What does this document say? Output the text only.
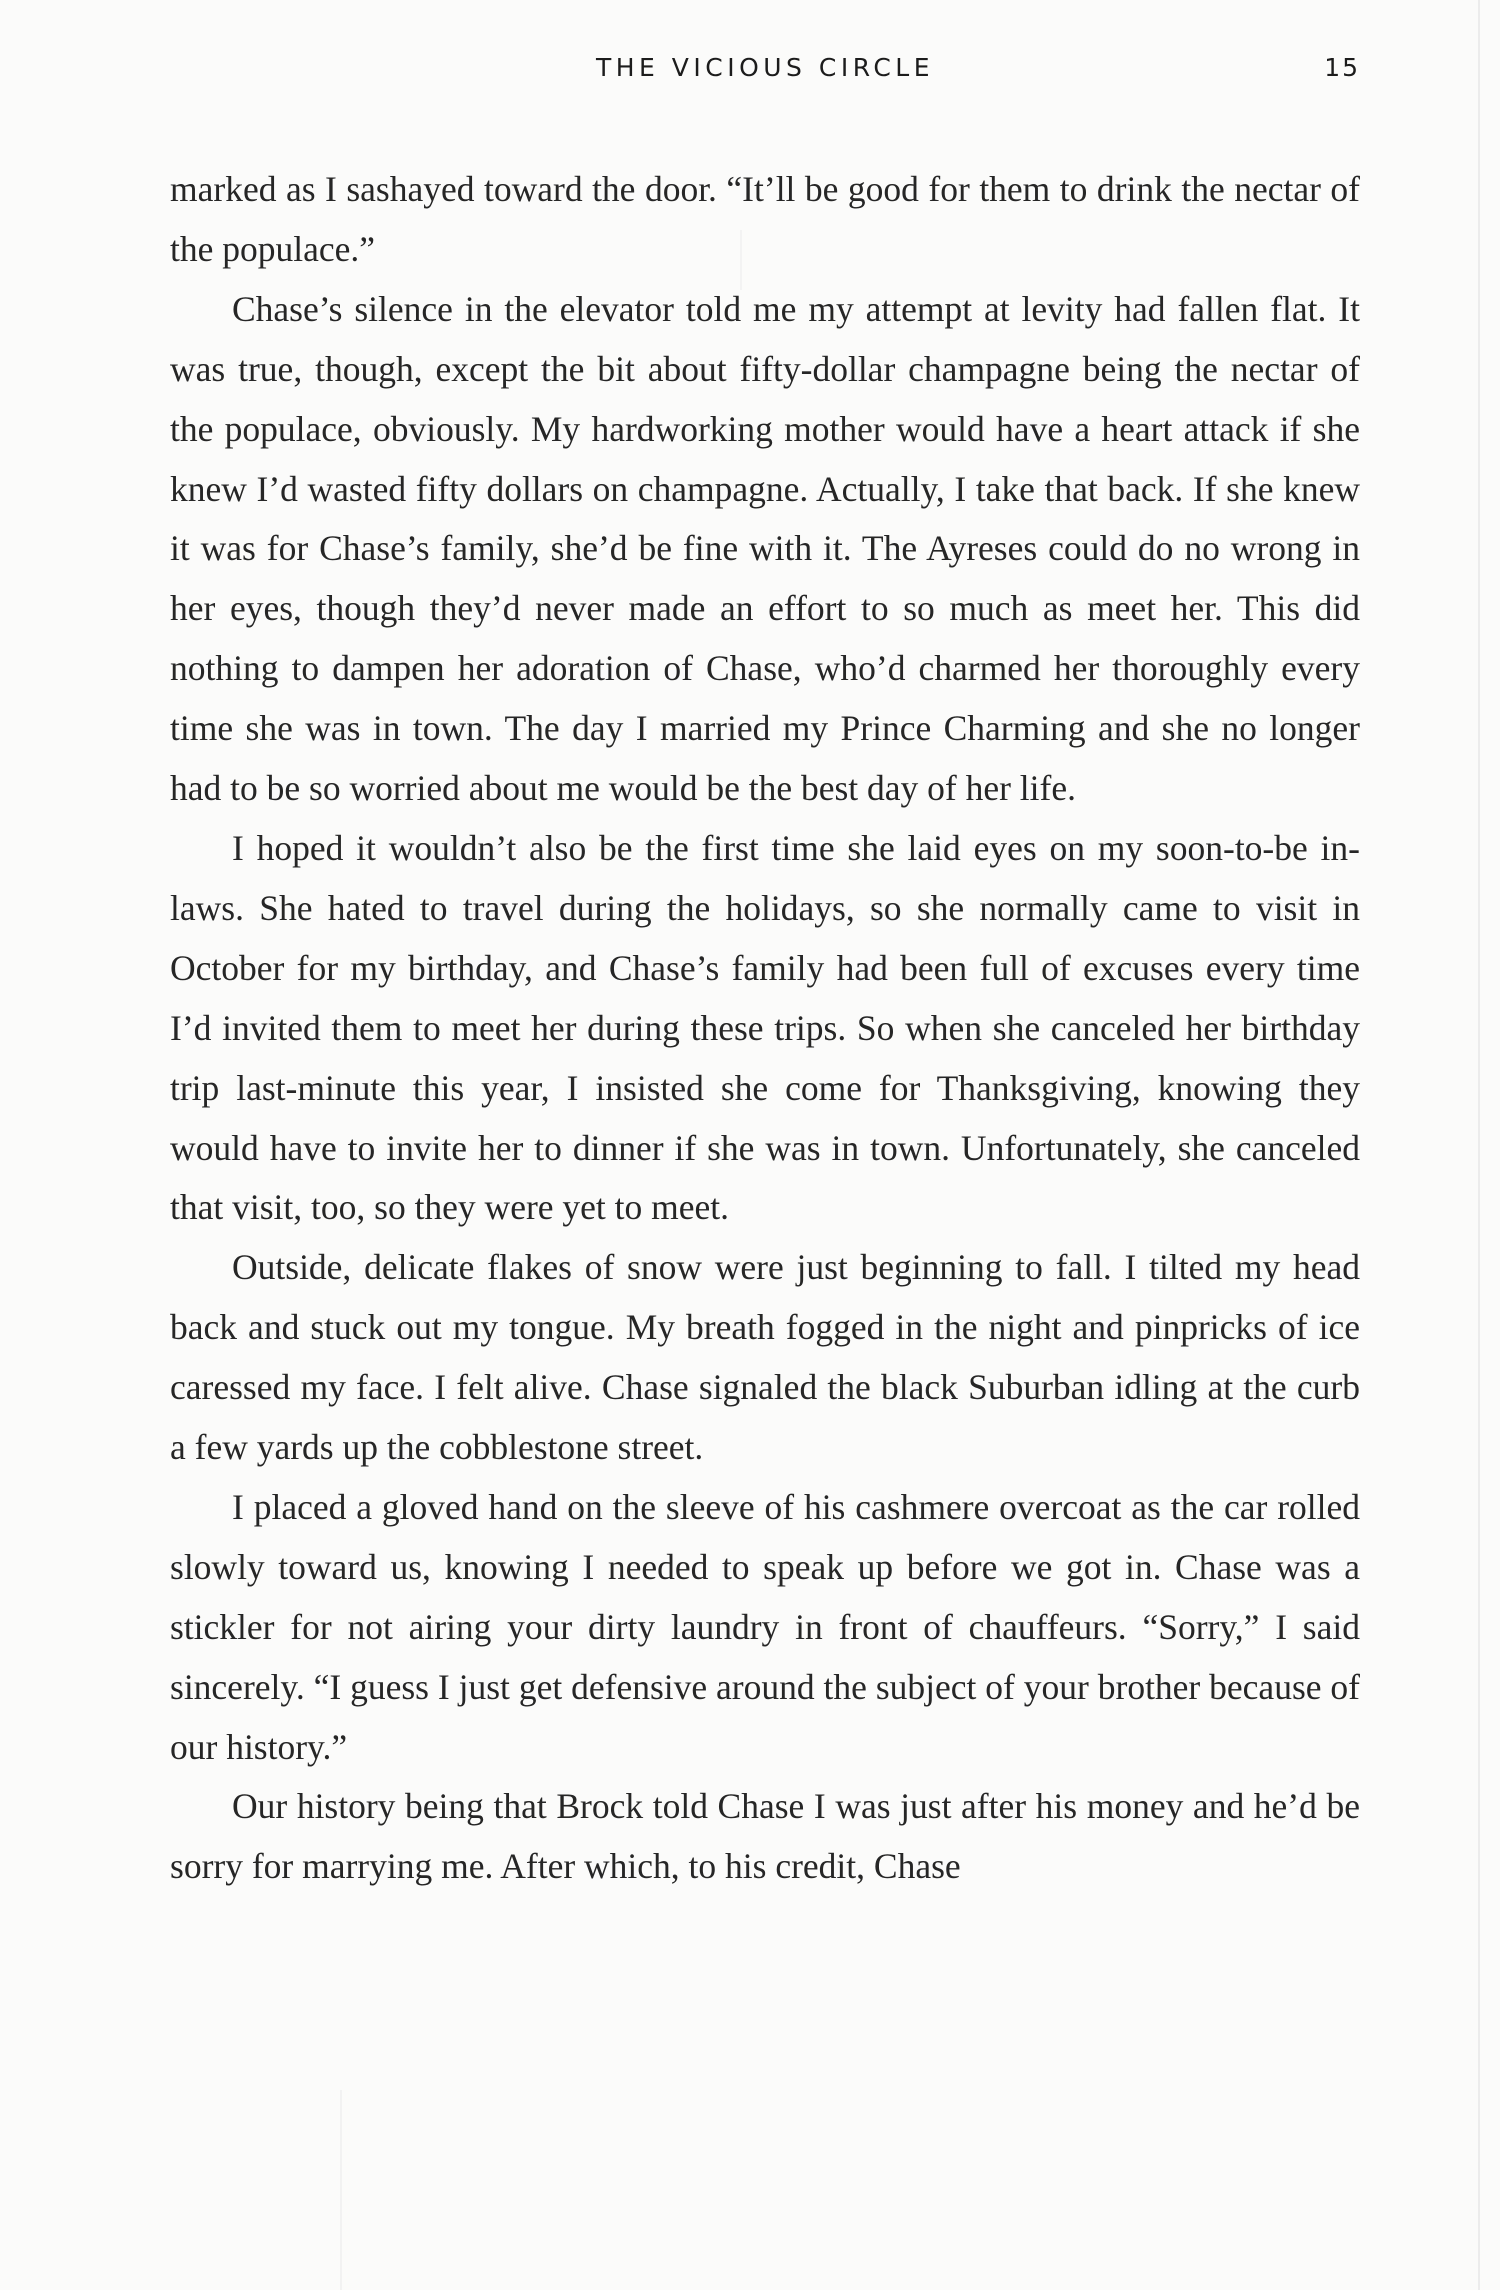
THE VICIOUS CIRCLE	15

marked as I sashayed toward the door. “It’ll be good for them to drink the nectar of the populace.”

Chase’s silence in the elevator told me my attempt at levity had fallen flat. It was true, though, except the bit about fifty-dollar champagne being the nectar of the populace, obviously. My hardworking mother would have a heart attack if she knew I’d wasted fifty dollars on champagne. Actually, I take that back. If she knew it was for Chase’s family, she’d be fine with it. The Ayreses could do no wrong in her eyes, though they’d never made an effort to so much as meet her. This did nothing to dampen her adoration of Chase, who’d charmed her thoroughly every time she was in town. The day I married my Prince Charming and she no longer had to be so worried about me would be the best day of her life.

I hoped it wouldn’t also be the first time she laid eyes on my soon-to-be in-laws. She hated to travel during the holidays, so she normally came to visit in October for my birthday, and Chase’s family had been full of excuses every time I’d invited them to meet her during these trips. So when she canceled her birthday trip last-minute this year, I insisted she come for Thanksgiving, knowing they would have to invite her to dinner if she was in town. Unfortunately, she canceled that visit, too, so they were yet to meet.

Outside, delicate flakes of snow were just beginning to fall. I tilted my head back and stuck out my tongue. My breath fogged in the night and pinpricks of ice caressed my face. I felt alive. Chase signaled the black Suburban idling at the curb a few yards up the cobblestone street.

I placed a gloved hand on the sleeve of his cashmere overcoat as the car rolled slowly toward us, knowing I needed to speak up before we got in. Chase was a stickler for not airing your dirty laundry in front of chauffeurs. “Sorry,” I said sincerely. “I guess I just get defensive around the subject of your brother because of our history.”

Our history being that Brock told Chase I was just after his money and he’d be sorry for marrying me. After which, to his credit, Chase
